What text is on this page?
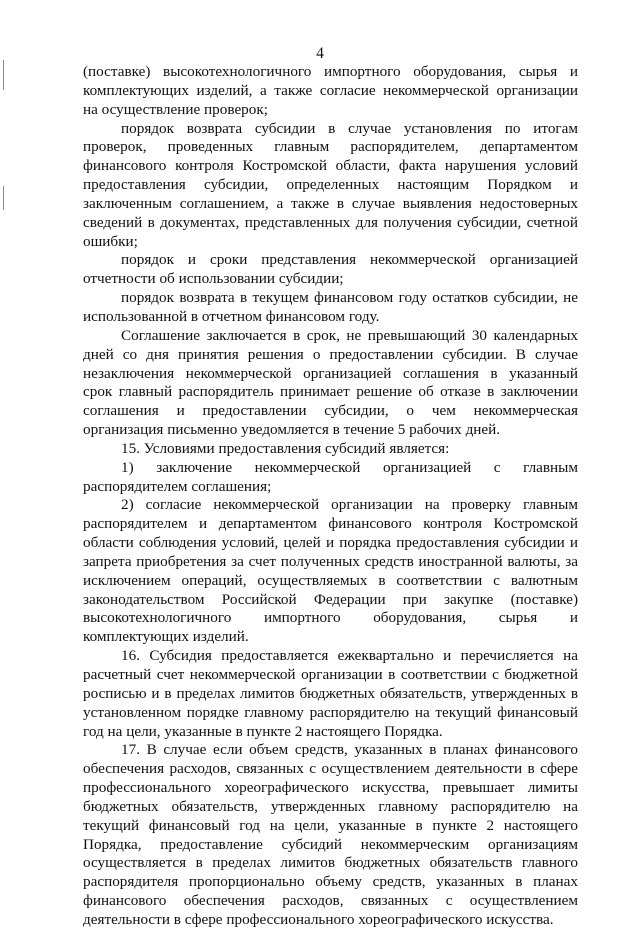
4

(поставке) высокотехнологичного импортного оборудования, сырья и

комплектующих изделий, а также согласие некоммерческой организации

на осуществление проверок;

порядок возврата субсидии в случае установления по итогам

проверок, проведенных главным распорядителем, департаментом

финансового контроля Костромской области, факта нарушения условий

предоставления субсидии, определенных настоящим Порядком и

заключенным соглашением, а также в случае выявления недостоверных

сведений в документах, представленных для получения субсидии, счетной

ошибки;

порядок и сроки представления некоммерческой организацией

отчетности об использовании субсидии;

порядок возврата в текущем финансовом году остатков субсидии, не

использованной в отчетном финансовом году.

Соглашение заключается в срок, не превышающий 30 календарных

дней со дня принятия решения о предоставлении субсидии. В случае

незаключения некоммерческой организацией соглашения в указанный

срок главный распорядитель принимает решение об отказе в заключении

соглашения и предоставлении субсидии, о чем некоммерческая

организация письменно уведомляется в течение 5 рабочих дней.

15. Условиями предоставления субсидий является:

1) заключение некоммерческой организацией с главным

распорядителем соглашения;

2) согласие некоммерческой организации на проверку главным

распорядителем и департаментом финансового контроля Костромской

области соблюдения условий, целей и порядка предоставления субсидии и

запрета приобретения за счет полученных средств иностранной валюты, за

исключением операций, осуществляемых в соответствии с валютным

законодательством Российской Федерации при закупке (поставке)

высокотехнологичного импортного оборудования, сырья и

комплектующих изделий.

16. Субсидия предоставляется ежеквартально и перечисляется на

расчетный счет некоммерческой организации в соответствии с бюджетной

росписью и в пределах лимитов бюджетных обязательств, утвержденных в

установленном порядке главному распорядителю на текущий финансовый

год на цели, указанные в пункте 2 настоящего Порядка.

17. В случае если объем средств, указанных в планах финансового

обеспечения расходов, связанных с осуществлением деятельности в сфере

профессионального хореографического искусства, превышает лимиты

бюджетных обязательств, утвержденных главному распорядителю на

текущий финансовый год на цели, указанные в пункте 2 настоящего

Порядка, предоставление субсидий некоммерческим организациям

осуществляется в пределах лимитов бюджетных обязательств главного

распорядителя пропорционально объему средств, указанных в планах

финансового обеспечения расходов, связанных с осуществлением

деятельности в сфере профессионального хореографического искусства.
